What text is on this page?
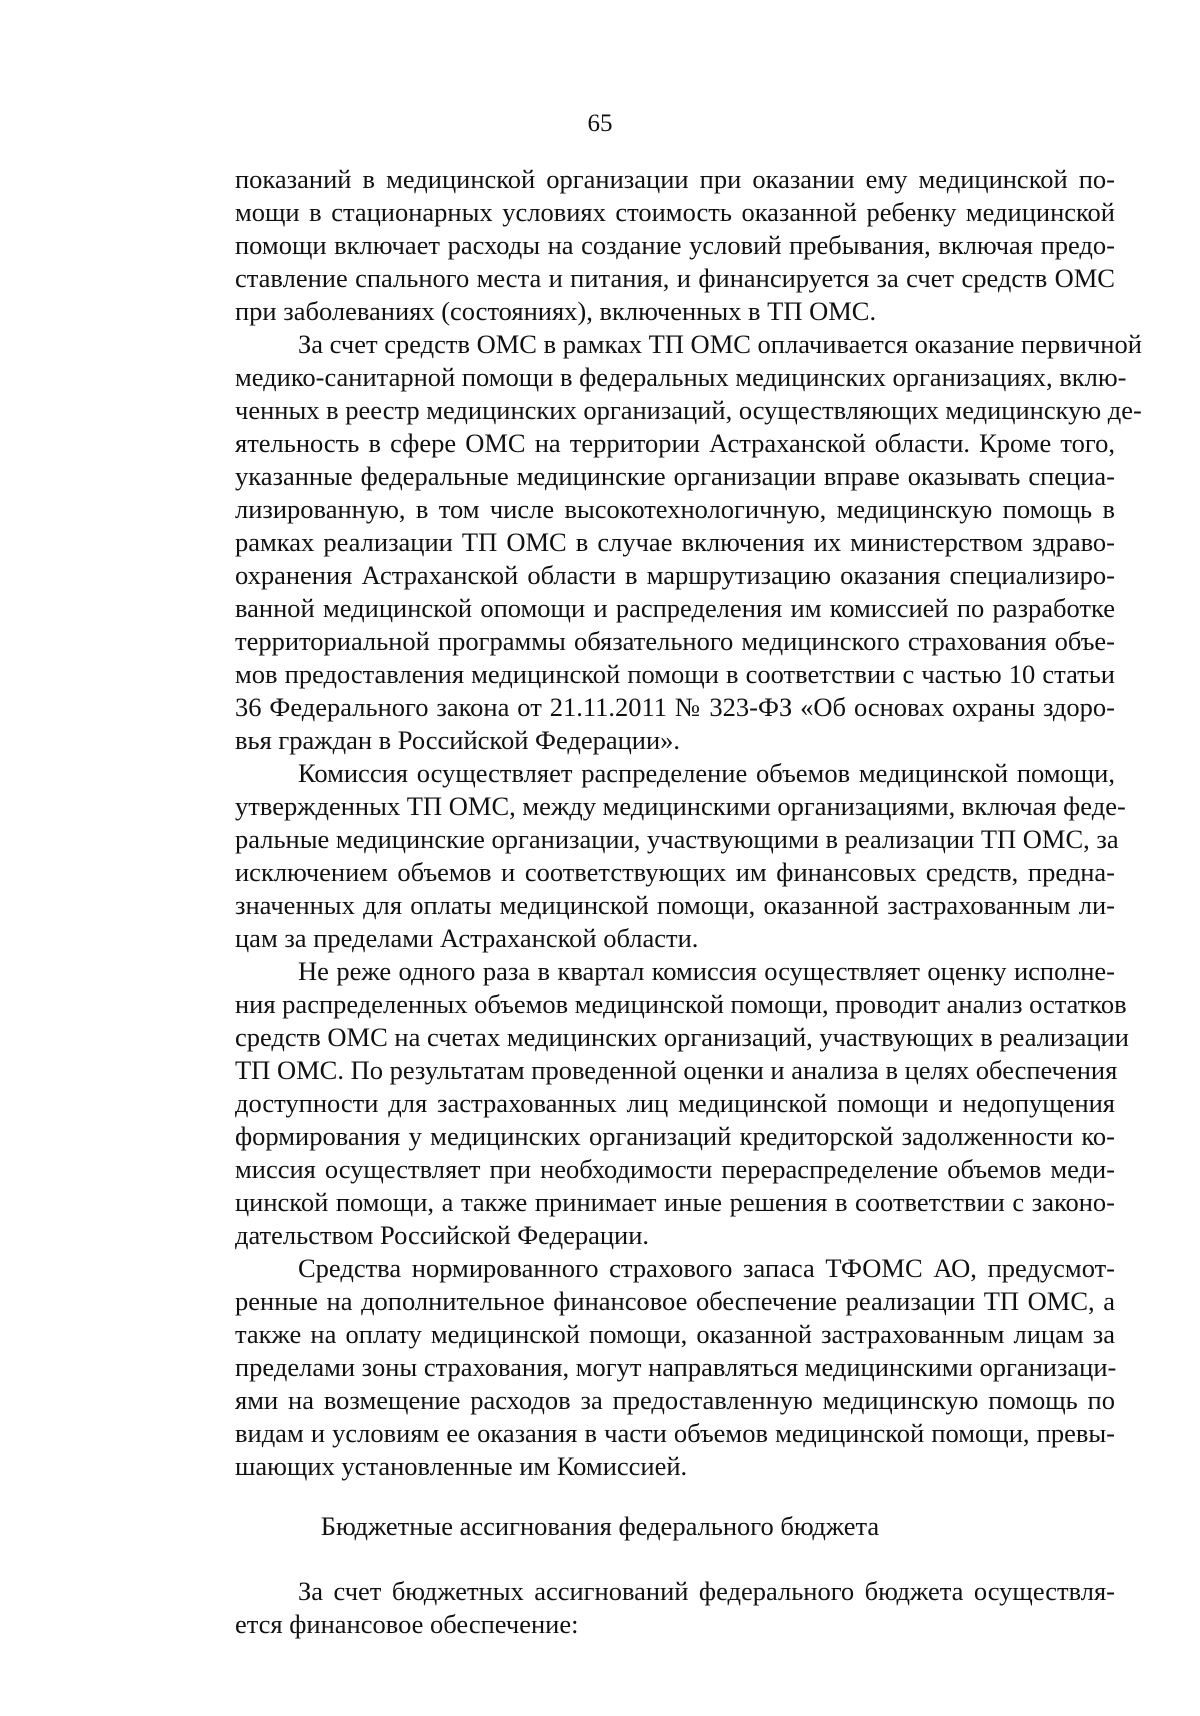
65
показаний в медицинской организации при оказании ему медицинской по-
мощи в стационарных условиях стоимость оказанной ребенку медицинской
помощи включает расходы на создание условий пребывания, включая предо-
ставление спального места и питания, и финансируется за счет средств ОМС
при заболеваниях (состояниях), включенных в ТП ОМС.
За счет средств ОМС в рамках ТП ОМС оплачивается оказание первичной
медико-санитарной помощи в федеральных медицинских организациях, вклю-
ченных в реестр медицинских организаций, осуществляющих медицинскую де-
ятельность в сфере ОМС на территории Астраханской области. Кроме того,
указанные федеральные медицинские организации вправе оказывать специа-
лизированную, в том числе высокотехнологичную, медицинскую помощь в
рамках реализации ТП ОМС в случае включения их министерством здраво-
охранения Астраханской области в маршрутизацию оказания специализиро-
ванной медицинской опомощи и распределения им комиссией по разработке
территориальной программы обязательного медицинского страхования объе-
мов предоставления медицинской помощи в соответствии с частью 10 статьи
36 Федерального закона от 21.11.2011 № 323-ФЗ «Об основах охраны здоро-
вья граждан в Российской Федерации».
Комиссия осуществляет распределение объемов медицинской помощи,
утвержденных ТП ОМС, между медицинскими организациями, включая феде-
ральные медицинские организации, участвующими в реализации ТП ОМС, за
исключением объемов и соответствующих им финансовых средств, предна-
значенных для оплаты медицинской помощи, оказанной застрахованным ли-
цам за пределами Астраханской области.
Не реже одного раза в квартал комиссия осуществляет оценку исполне-
ния распределенных объемов медицинской помощи, проводит анализ остатков
средств ОМС на счетах медицинских организаций, участвующих в реализации
ТП ОМС. По результатам проведенной оценки и анализа в целях обеспечения
доступности для застрахованных лиц медицинской помощи и недопущения
формирования у медицинских организаций кредиторской задолженности ко-
миссия осуществляет при необходимости перераспределение объемов меди-
цинской помощи, а также принимает иные решения в соответствии с законо-
дательством Российской Федерации.
Средства нормированного страхового запаса ТФОМС АО, предусмот-
ренные на дополнительное финансовое обеспечение реализации ТП ОМС, а
также на оплату медицинской помощи, оказанной застрахованным лицам за
пределами зоны страхования, могут направляться медицинскими организаци-
ями на возмещение расходов за предоставленную медицинскую помощь по
видам и условиям ее оказания в части объемов медицинской помощи, превы-
шающих установленные им Комиссией.
Бюджетные ассигнования федерального бюджета
За счет бюджетных ассигнований федерального бюджета осуществля-
ется финансовое обеспечение:
